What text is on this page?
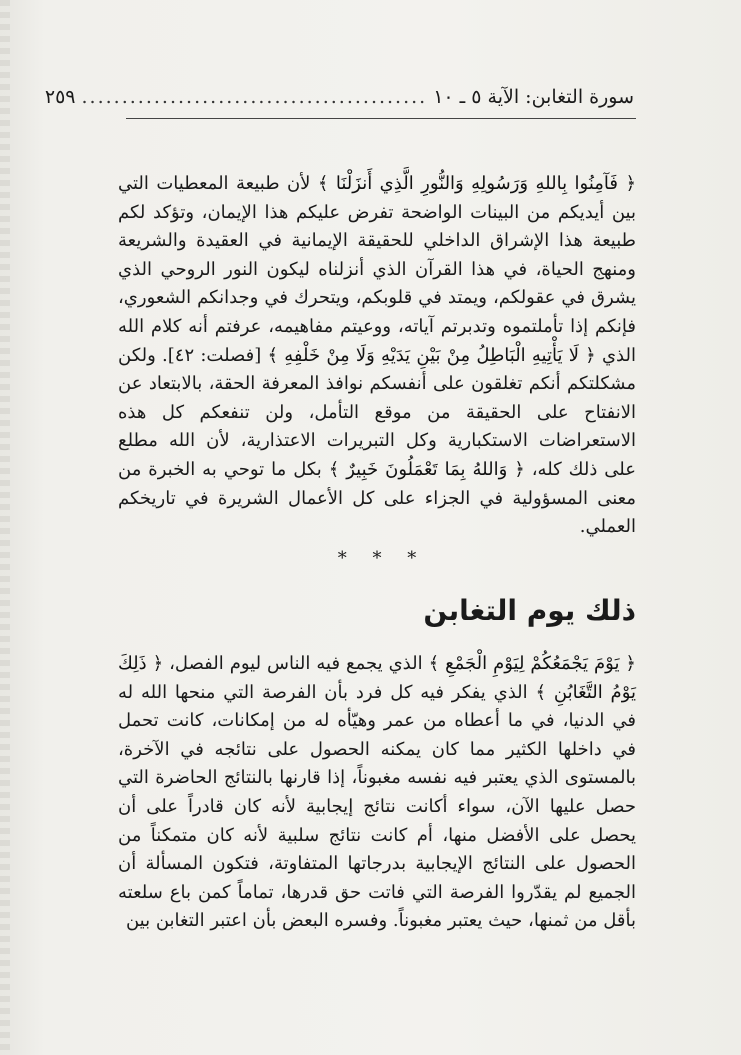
سورة التغابن: الآية ٥ ـ ١٠
...........................................
٢٥٩

﴿ فَآمِنُوا بِاللهِ وَرَسُولِهِ وَالنُّورِ الَّذِي أَنزَلْنَا ﴾ لأن طبيعة المعطيات التي بين أيديكم من البينات الواضحة تفرض عليكم هذا الإيمان، وتؤكد لكم طبيعة هذا الإشراق الداخلي للحقيقة الإيمانية في العقيدة والشريعة ومنهج الحياة، في هذا القرآن الذي أنزلناه ليكون النور الروحي الذي يشرق في عقولكم، ويمتد في قلوبكم، ويتحرك في وجدانكم الشعوري، فإنكم إذا تأملتموه وتدبرتم آياته، ووعيتم مفاهيمه، عرفتم أنه كلام الله الذي ﴿ لَا يَأْتِيهِ الْبَاطِلُ مِنْ بَيْنِ يَدَيْهِ وَلَا مِنْ خَلْفِهِ ﴾ [فصلت: ٤٢]. ولكن مشكلتكم أنكم تغلقون على أنفسكم نوافذ المعرفة الحقة، بالابتعاد عن الانفتاح على الحقيقة من موقع التأمل، ولن تنفعكم كل هذه الاستعراضات الاستكبارية وكل التبريرات الاعتذارية، لأن الله مطلع على ذلك كله، ﴿ وَاللهُ بِمَا تَعْمَلُونَ خَبِيرٌ ﴾ بكل ما توحي به الخبرة من معنى المسؤولية في الجزاء على كل الأعمال الشريرة في تاريخكم العملي.

* * *
ذلك يوم التغابن

﴿ يَوْمَ يَجْمَعُكُمْ لِيَوْمِ الْجَمْعِ ﴾ الذي يجمع فيه الناس ليوم الفصل، ﴿ ذَلِكَ يَوْمُ التَّغَابُنِ ﴾ الذي يفكر فيه كل فرد بأن الفرصة التي منحها الله له في الدنيا، في ما أعطاه من عمر وهيّأه له من إمكانات، كانت تحمل في داخلها الكثير مما كان يمكنه الحصول على نتائجه في الآخرة، بالمستوى الذي يعتبر فيه نفسه مغبوناً، إذا قارنها بالنتائج الحاضرة التي حصل عليها الآن، سواء أكانت نتائج إيجابية لأنه كان قادراً على أن يحصل على الأفضل منها، أم كانت نتائج سلبية لأنه كان متمكناً من الحصول على النتائج الإيجابية بدرجاتها المتفاوتة، فتكون المسألة أن الجميع لم يقدّروا الفرصة التي فاتت حق قدرها، تماماً كمن باع سلعته بأقل من ثمنها، حيث يعتبر مغبوناً. وفسره البعض بأن اعتبر التغابن بين
